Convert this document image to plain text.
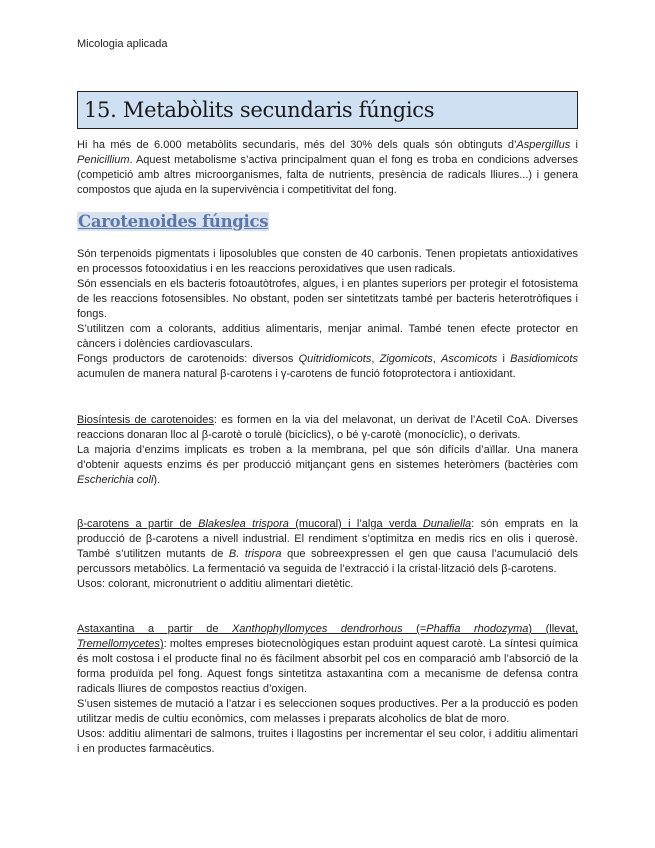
Micologia aplicada
15. Metabòlits secundaris fúngics

Hi ha més de 6.000 metabòlits secundaris, més del 30% dels quals són obtinguts d’Aspergillus i Penicillium. Aquest metabolisme s’activa principalment quan el fong es troba en condicions adverses (competició amb altres microorganismes, falta de nutrients, presència de radicals lliures...) i genera compostos que ajuda en la supervivència i competitivitat del fong.

Carotenoides fúngics

Són terpenoids pigmentats i liposolubles que consten de 40 carbonis. Tenen propietats antioxidatives en processos fotooxidatius i en les reaccions peroxidatives que usen radicals.

Són essencials en els bacteris fotoautòtrofes, algues, i en plantes superiors per protegir el fotosistema de les reaccions fotosensibles. No obstant, poden ser sintetitzats també per bacteris heterotròfiques i fongs.

S’utilitzen com a colorants, additius alimentaris, menjar animal. També tenen efecte protector en càncers i dolències cardiovasculars.

Fongs productors de carotenoids: diversos Quitridiomicots, Zigomicots, Ascomicots i Basidiomicots acumulen de manera natural β-carotens i γ-carotens de funció fotoprotectora i antioxidant.

Biosíntesis de carotenoides: es formen en la via del melavonat, un derivat de l’Acetil CoA. Diverses reaccions donaran lloc al β-carotè o torulè (bicíclics), o bé γ-carotè (monocíclic), o derivats.

La majoria d’enzims implicats es troben a la membrana, pel que són difícils d’aïllar. Una manera d’obtenir aquests enzims és per producció mitjançant gens en sistemes heteròmers (bactèries com Escherichia coli).

β-carotens a partir de Blakeslea trispora (mucoral) i l’alga verda Dunaliella: són emprats en la producció de β-carotens a nivell industrial. El rendiment s’optimitza en medis rics en olis i querosè. També s’utilitzen mutants de B. trispora que sobreexpressen el gen que causa l’acumulació dels percussors metabòlics. La fermentació va seguida de l’extracció i la cristal·lització dels β-carotens.

Usos: colorant, micronutrient o additiu alimentari dietètic.

Astaxantina a partir de Xanthophyllomyces dendrorhous (=Phaffia rhodozyma) (llevat, Tremellomycetes): moltes empreses biotecnològiques estan produint aquest carotè. La síntesi química és molt costosa i el producte final no és fàcilment absorbit pel cos en comparació amb l’absorció de la forma produïda pel fong. Aquest fongs sintetitza astaxantina com a mecanisme de defensa contra radicals lliures de compostos reactius d’oxigen.

S’usen sistemes de mutació a l’atzar i es seleccionen soques productives. Per a la producció es poden utilitzar medis de cultiu econòmics, com melasses i preparats alcoholics de blat de moro.

Usos: additiu alimentari de salmons, truites i llagostins per incrementar el seu color, i additiu alimentari i en productes farmacèutics.
